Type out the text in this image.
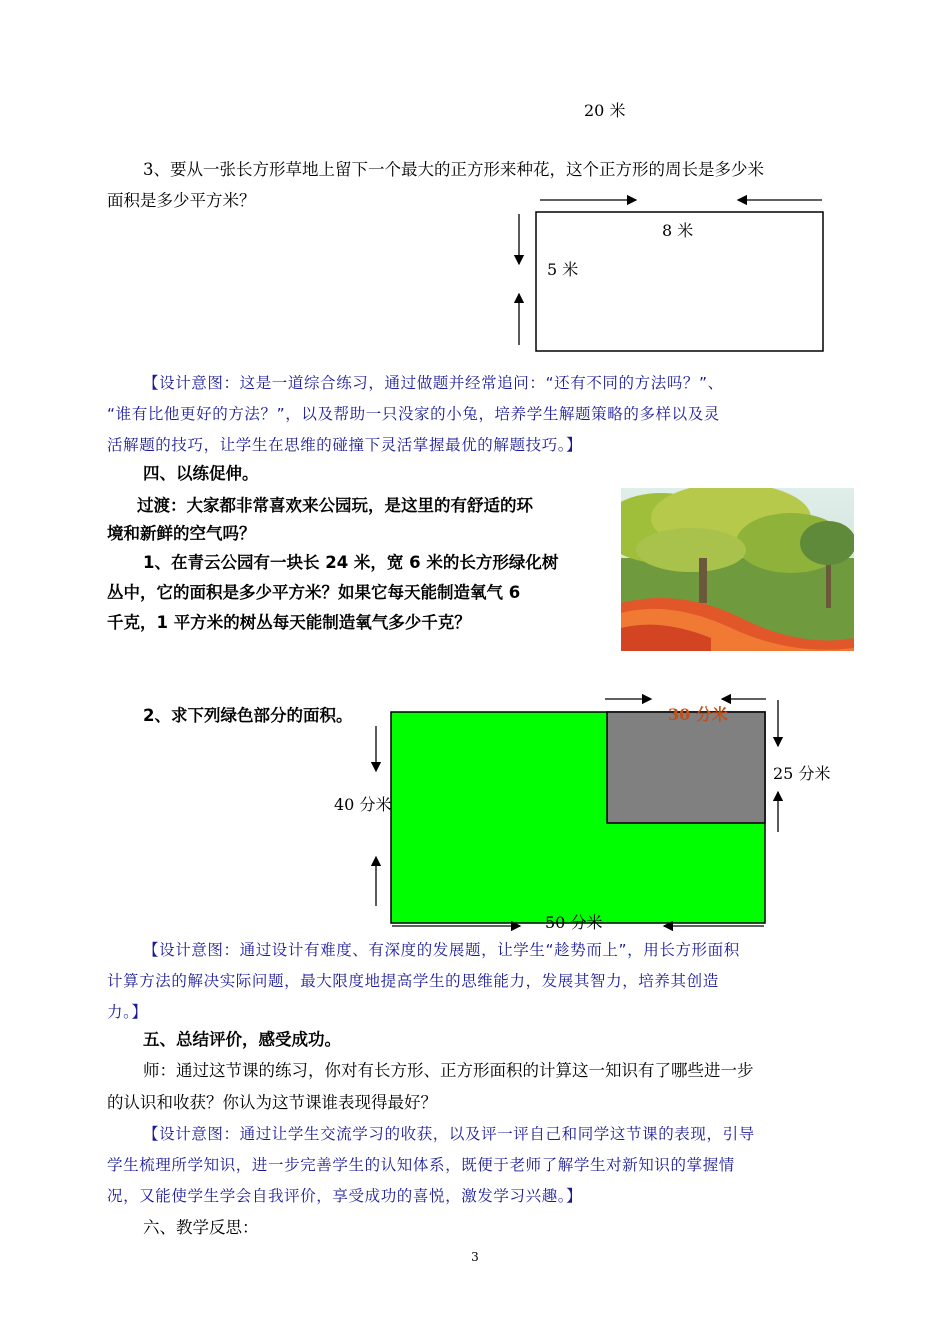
20 米
3、要从一张长方形草地上留下一个最大的正方形来种花，这个正方形的周长是多少米
面积是多少平方米？
8 米
5 米
【设计意图：这是一道综合练习，通过做题并经常追问：“还有不同的方法吗？”、
“谁有比他更好的方法？”，以及帮助一只没家的小兔，培养学生解题策略的多样以及灵
活解题的技巧，让学生在思维的碰撞下灵活掌握最优的解题技巧。】
四、以练促伸。
过渡：大家都非常喜欢来公园玩，是这里的有舒适的环
境和新鲜的空气吗？
1、在青云公园有一块长 24 米，宽 6 米的长方形绿化树
丛中，它的面积是多少平方米？如果它每天能制造氧气 6
千克，1 平方米的树丛每天能制造氧气多少千克？
2、求下列绿色部分的面积。	30 分米
25 分米
40 分米
50 分米
【设计意图：通过设计有难度、有深度的发展题，让学生“趁势而上”，用长方形面积
计算方法的解决实际问题，最大限度地提高学生的思维能力，发展其智力，培养其创造
力。】
五、总结评价，感受成功。
师：通过这节课的练习，你对有长方形、正方形面积的计算这一知识有了哪些进一步
的认识和收获？你认为这节课谁表现得最好？
【设计意图：通过让学生交流学习的收获，以及评一评自己和同学这节课的表现，引导
学生梳理所学知识，进一步完善学生的认知体系，既便于老师了解学生对新知识的掌握情
况，又能使学生学会自我评价，享受成功的喜悦，激发学习兴趣。】
六、教学反思：
3
